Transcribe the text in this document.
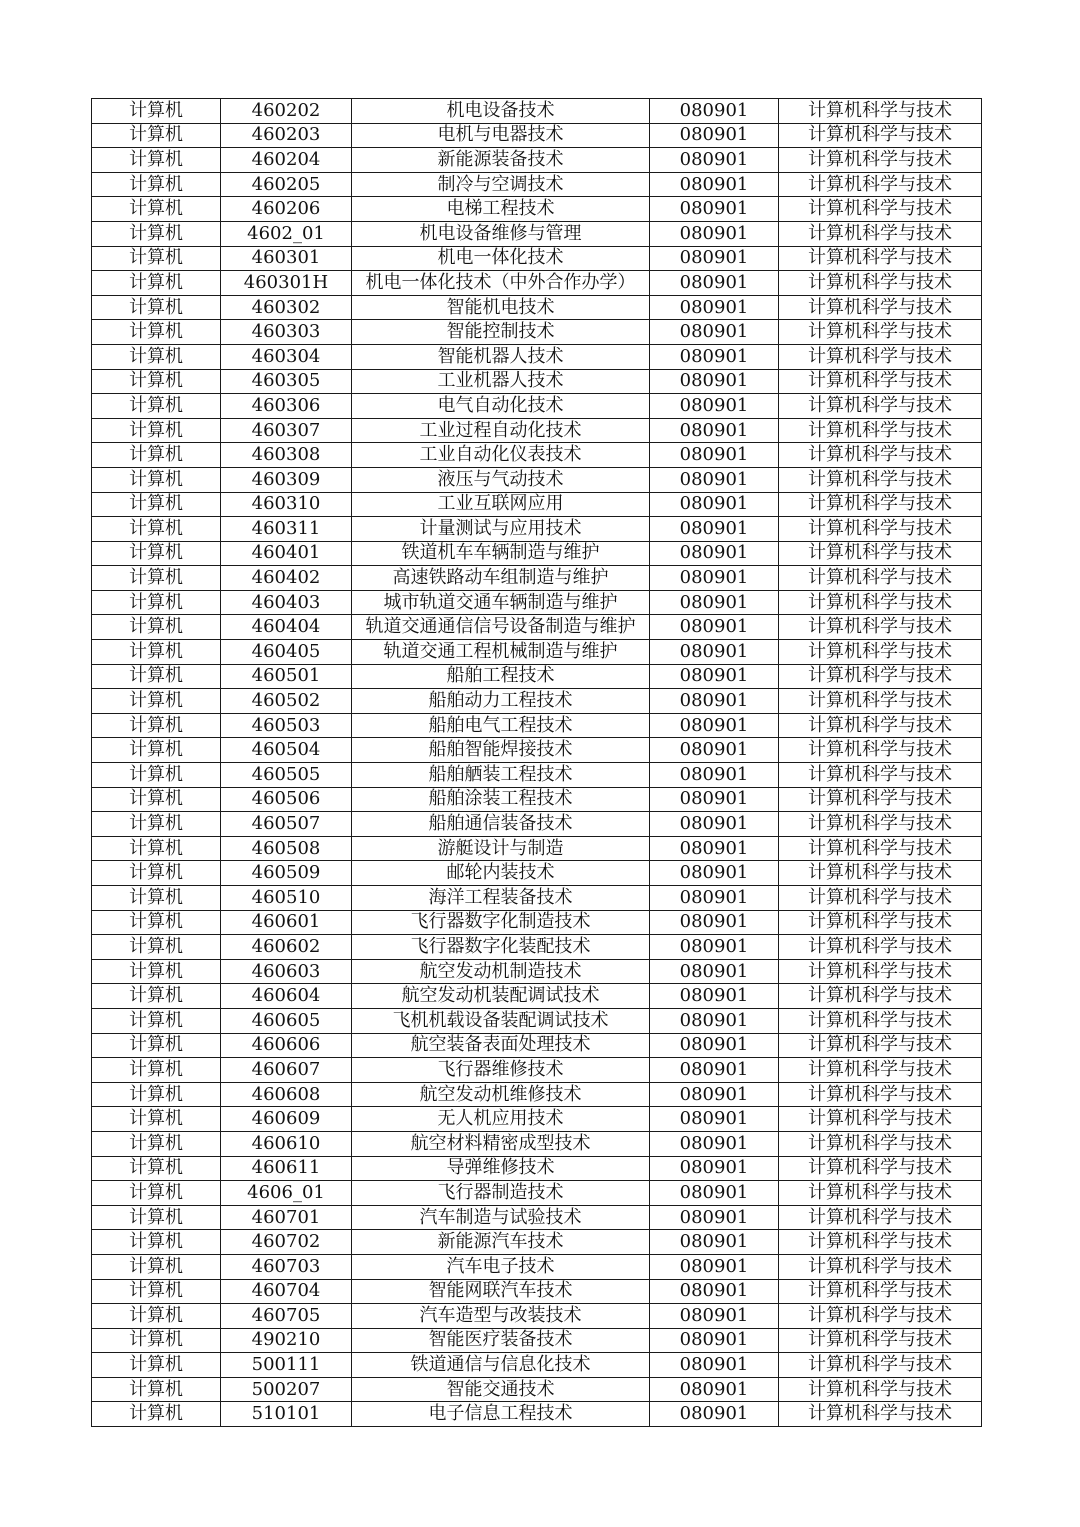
计算机	460202	机电设备技术	080901	计算机科学与技术
计算机	460203	电机与电器技术	080901	计算机科学与技术
计算机	460204	新能源装备技术	080901	计算机科学与技术
计算机	460205	制冷与空调技术	080901	计算机科学与技术
计算机	460206	电梯工程技术	080901	计算机科学与技术
计算机	4602_01	机电设备维修与管理	080901	计算机科学与技术
计算机	460301	机电一体化技术	080901	计算机科学与技术
计算机	460301H	机电一体化技术（中外合作办学）	080901	计算机科学与技术
计算机	460302	智能机电技术	080901	计算机科学与技术
计算机	460303	智能控制技术	080901	计算机科学与技术
计算机	460304	智能机器人技术	080901	计算机科学与技术
计算机	460305	工业机器人技术	080901	计算机科学与技术
计算机	460306	电气自动化技术	080901	计算机科学与技术
计算机	460307	工业过程自动化技术	080901	计算机科学与技术
计算机	460308	工业自动化仪表技术	080901	计算机科学与技术
计算机	460309	液压与气动技术	080901	计算机科学与技术
计算机	460310	工业互联网应用	080901	计算机科学与技术
计算机	460311	计量测试与应用技术	080901	计算机科学与技术
计算机	460401	铁道机车车辆制造与维护	080901	计算机科学与技术
计算机	460402	高速铁路动车组制造与维护	080901	计算机科学与技术
计算机	460403	城市轨道交通车辆制造与维护	080901	计算机科学与技术
计算机	460404	轨道交通通信信号设备制造与维护	080901	计算机科学与技术
计算机	460405	轨道交通工程机械制造与维护	080901	计算机科学与技术
计算机	460501	船舶工程技术	080901	计算机科学与技术
计算机	460502	船舶动力工程技术	080901	计算机科学与技术
计算机	460503	船舶电气工程技术	080901	计算机科学与技术
计算机	460504	船舶智能焊接技术	080901	计算机科学与技术
计算机	460505	船舶舾装工程技术	080901	计算机科学与技术
计算机	460506	船舶涂装工程技术	080901	计算机科学与技术
计算机	460507	船舶通信装备技术	080901	计算机科学与技术
计算机	460508	游艇设计与制造	080901	计算机科学与技术
计算机	460509	邮轮内装技术	080901	计算机科学与技术
计算机	460510	海洋工程装备技术	080901	计算机科学与技术
计算机	460601	飞行器数字化制造技术	080901	计算机科学与技术
计算机	460602	飞行器数字化装配技术	080901	计算机科学与技术
计算机	460603	航空发动机制造技术	080901	计算机科学与技术
计算机	460604	航空发动机装配调试技术	080901	计算机科学与技术
计算机	460605	飞机机载设备装配调试技术	080901	计算机科学与技术
计算机	460606	航空装备表面处理技术	080901	计算机科学与技术
计算机	460607	飞行器维修技术	080901	计算机科学与技术
计算机	460608	航空发动机维修技术	080901	计算机科学与技术
计算机	460609	无人机应用技术	080901	计算机科学与技术
计算机	460610	航空材料精密成型技术	080901	计算机科学与技术
计算机	460611	导弹维修技术	080901	计算机科学与技术
计算机	4606_01	飞行器制造技术	080901	计算机科学与技术
计算机	460701	汽车制造与试验技术	080901	计算机科学与技术
计算机	460702	新能源汽车技术	080901	计算机科学与技术
计算机	460703	汽车电子技术	080901	计算机科学与技术
计算机	460704	智能网联汽车技术	080901	计算机科学与技术
计算机	460705	汽车造型与改装技术	080901	计算机科学与技术
计算机	490210	智能医疗装备技术	080901	计算机科学与技术
计算机	500111	铁道通信与信息化技术	080901	计算机科学与技术
计算机	500207	智能交通技术	080901	计算机科学与技术
计算机	510101	电子信息工程技术	080901	计算机科学与技术
